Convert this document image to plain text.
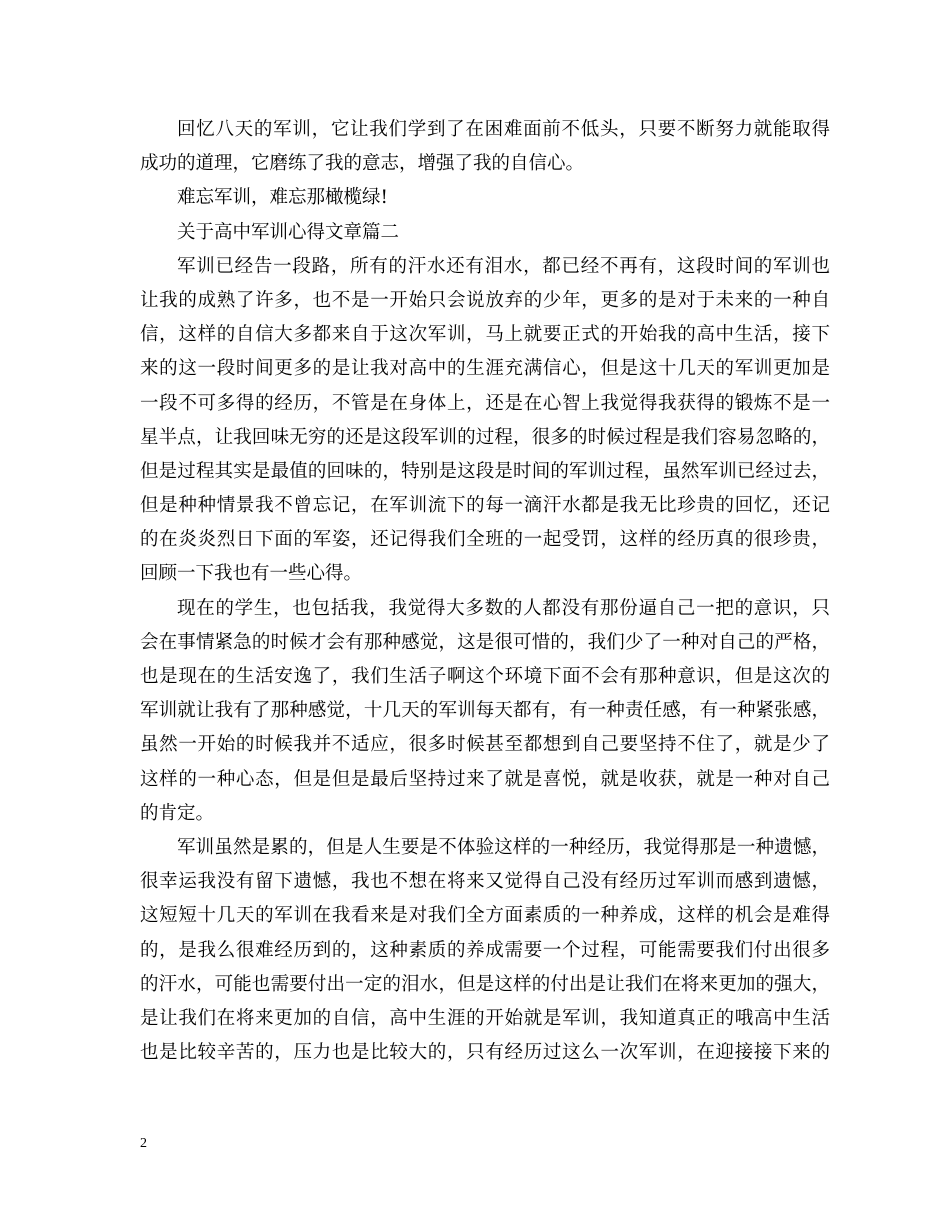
回忆八天的军训，它让我们学到了在困难面前不低头，只要不断努力就能取得
成功的道理，它磨练了我的意志，增强了我的自信心。
难忘军训，难忘那橄榄绿!
关于高中军训心得文章篇二
军训已经告一段路，所有的汗水还有泪水，都已经不再有，这段时间的军训也
让我的成熟了许多，也不是一开始只会说放弃的少年，更多的是对于未来的一种自
信，这样的自信大多都来自于这次军训，马上就要正式的开始我的高中生活，接下
来的这一段时间更多的是让我对高中的生涯充满信心，但是这十几天的军训更加是
一段不可多得的经历，不管是在身体上，还是在心智上我觉得我获得的锻炼不是一
星半点，让我回味无穷的还是这段军训的过程，很多的时候过程是我们容易忽略的，
但是过程其实是最值的回味的，特别是这段是时间的军训过程，虽然军训已经过去，
但是种种情景我不曾忘记，在军训流下的每一滴汗水都是我无比珍贵的回忆，还记
的在炎炎烈日下面的军姿，还记得我们全班的一起受罚，这样的经历真的很珍贵，
回顾一下我也有一些心得。
现在的学生，也包括我，我觉得大多数的人都没有那份逼自己一把的意识，只
会在事情紧急的时候才会有那种感觉，这是很可惜的，我们少了一种对自己的严格，
也是现在的生活安逸了，我们生活子啊这个环境下面不会有那种意识，但是这次的
军训就让我有了那种感觉，十几天的军训每天都有，有一种责任感，有一种紧张感，
虽然一开始的时候我并不适应，很多时候甚至都想到自己要坚持不住了，就是少了
这样的一种心态，但是但是最后坚持过来了就是喜悦，就是收获，就是一种对自己
的肯定。
军训虽然是累的，但是人生要是不体验这样的一种经历，我觉得那是一种遗憾，
很幸运我没有留下遗憾，我也不想在将来又觉得自己没有经历过军训而感到遗憾，
这短短十几天的军训在我看来是对我们全方面素质的一种养成，这样的机会是难得
的，是我么很难经历到的，这种素质的养成需要一个过程，可能需要我们付出很多
的汗水，可能也需要付出一定的泪水，但是这样的付出是让我们在将来更加的强大，
是让我们在将来更加的自信，高中生涯的开始就是军训，我知道真正的哦高中生活
也是比较辛苦的，压力也是比较大的，只有经历过这么一次军训，在迎接接下来的
2
